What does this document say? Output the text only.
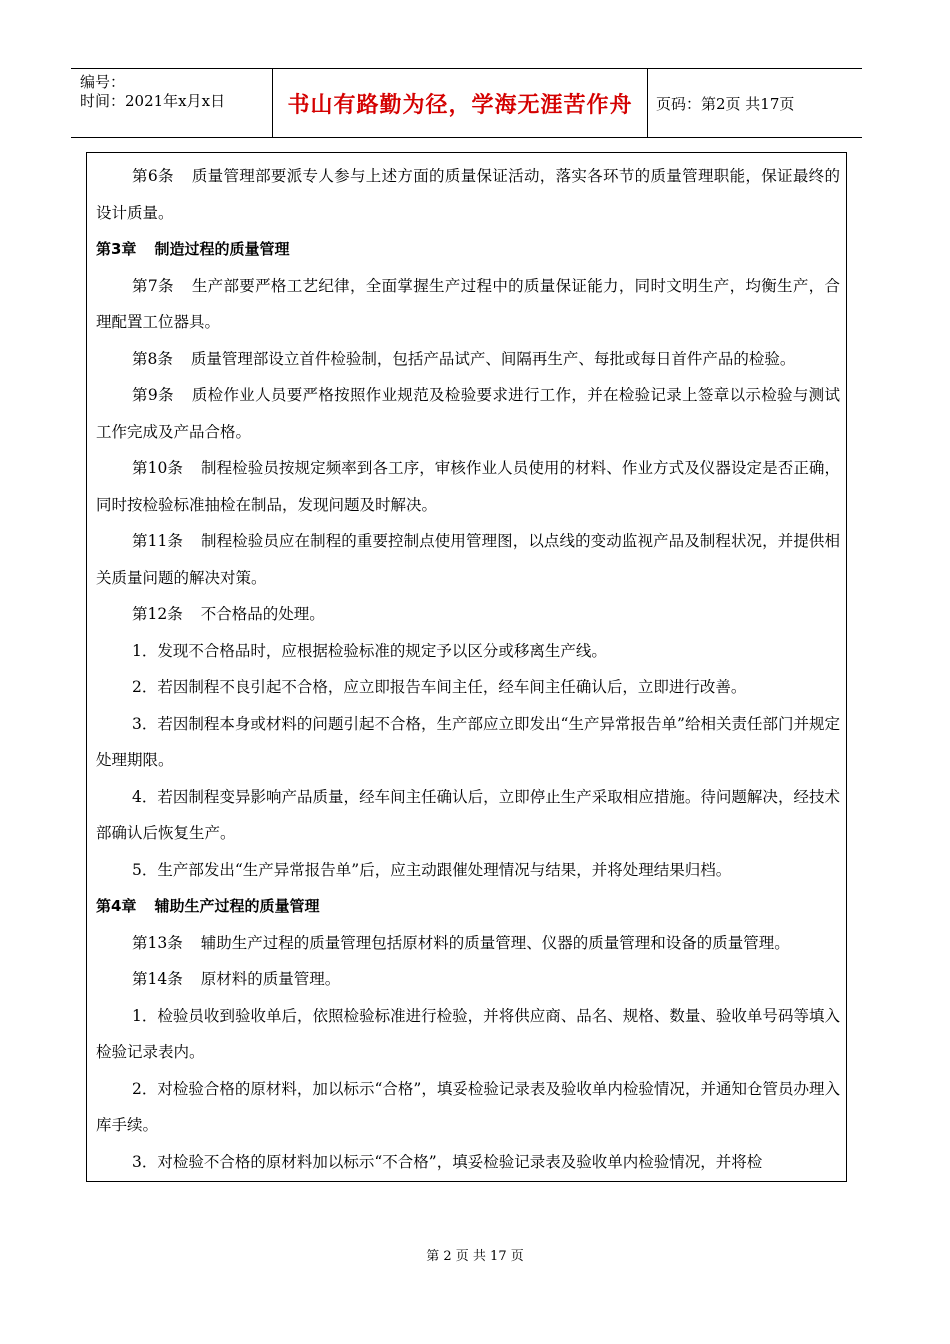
编号：
时间：2021年x月x日	书山有路勤为径，学海无涯苦作舟 页码：第2页 共17页
第6条 质量管理部要派专人参与上述方面的质量保证活动，落实各环节的质量管理职能，保证最终的设计质量。
第3章 制造过程的质量管理
第7条 生产部要严格工艺纪律，全面掌握生产过程中的质量保证能力，同时文明生产，均衡生产，合理配置工位器具。
第8条 质量管理部设立首件检验制，包括产品试产、间隔再生产、每批或每日首件产品的检验。
第9条 质检作业人员要严格按照作业规范及检验要求进行工作，并在检验记录上签章以示检验与测试工作完成及产品合格。
第10条 制程检验员按规定频率到各工序，审核作业人员使用的材料、作业方式及仪器设定是否正确，同时按检验标准抽检在制品，发现问题及时解决。
第11条 制程检验员应在制程的重要控制点使用管理图，以点线的变动监视产品及制程状况，并提供相关质量问题的解决对策。
第12条 不合格品的处理。
1．发现不合格品时，应根据检验标准的规定予以区分或移离生产线。
2．若因制程不良引起不合格，应立即报告车间主任，经车间主任确认后，立即进行改善。
3．若因制程本身或材料的问题引起不合格，生产部应立即发出“生产异常报告单”给相关责任部门并规定处理期限。
4．若因制程变异影响产品质量，经车间主任确认后，立即停止生产采取相应措施。待问题解决，经技术部确认后恢复生产。
5．生产部发出“生产异常报告单”后，应主动跟催处理情况与结果，并将处理结果归档。
第4章 辅助生产过程的质量管理
第13条 辅助生产过程的质量管理包括原材料的质量管理、仪器的质量管理和设备的质量管理。
第14条 原材料的质量管理。
1．检验员收到验收单后，依照检验标准进行检验，并将供应商、品名、规格、数量、验收单号码等填入检验记录表内。
2．对检验合格的原材料，加以标示“合格”，填妥检验记录表及验收单内检验情况，并通知仓管员办理入库手续。
3．对检验不合格的原材料加以标示“不合格”，填妥检验记录表及验收单内检验情况，并将检
第 2 页 共 17 页
